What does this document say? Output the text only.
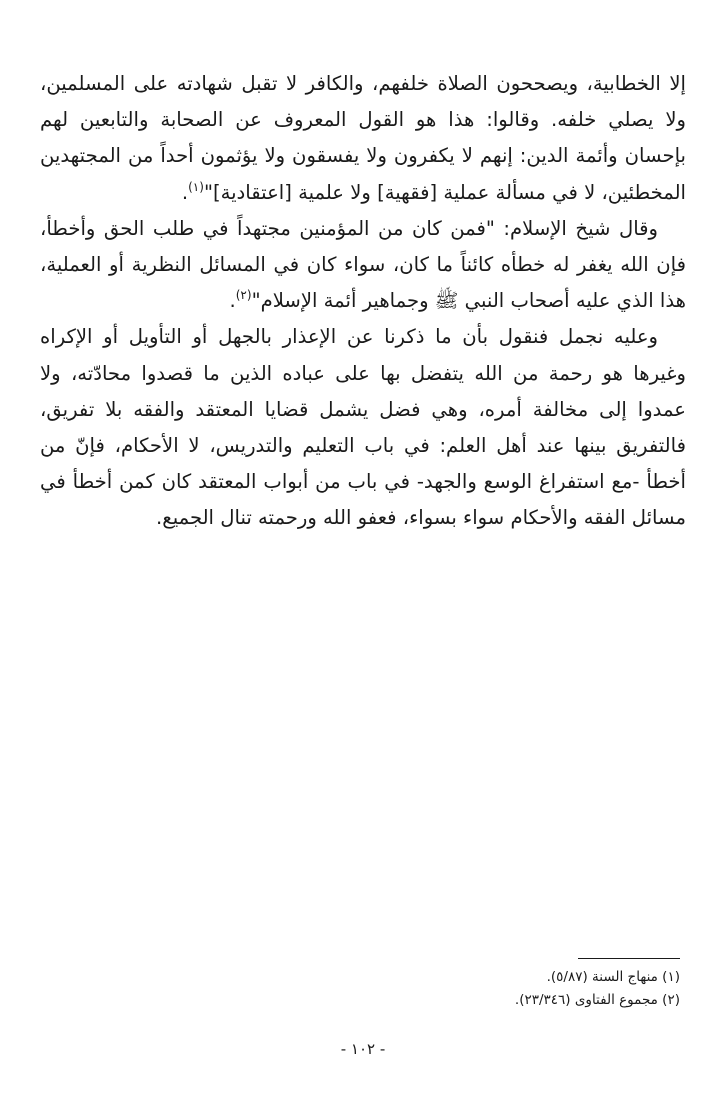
إلا الخطابية، ويصححون الصلاة خلفهم، والكافر لا تقبل شهادته على المسلمين، ولا يصلي خلفه. وقالوا: هذا هو القول المعروف عن الصحابة والتابعين لهم بإحسان وأئمة الدين: إنهم لا يكفرون ولا يفسقون ولا يؤثمون أحداً من المجتهدين المخطئين، لا في مسألة عملية [فقهية] ولا علمية [اعتقادية]"$^{(١)}$.

وقال شيخ الإسلام: "فمن كان من المؤمنين مجتهداً في طلب الحق وأخطأ، فإن الله يغفر له خطأه كائناً ما كان، سواء كان في المسائل النظرية أو العملية، هذا الذي عليه أصحاب النبي ﷺ وجماهير أئمة الإسلام"$^{(٢)}$.

وعليه نجمل فنقول بأن ما ذكرنا عن الإعذار بالجهل أو التأويل أو الإكراه وغيرها هو رحمة من الله يتفضل بها على عباده الذين ما قصدوا محادّته، ولا عمدوا إلى مخالفة أمره، وهي فضل يشمل قضايا المعتقد والفقه بلا تفريق، فالتفريق بينها عند أهل العلم: في باب التعليم والتدريس، لا الأحكام، فإنّ من أخطأ -مع استفراغ الوسع والجهد- في باب من أبواب المعتقد كان كمن أخطأ في مسائل الفقه والأحكام سواء بسواء، فعفو الله ورحمته تنال الجميع.

(١) منهاج السنة (٥/٨٧).

(٢) مجموع الفتاوى (٢٣/٣٤٦).

- ١٠٢ -
